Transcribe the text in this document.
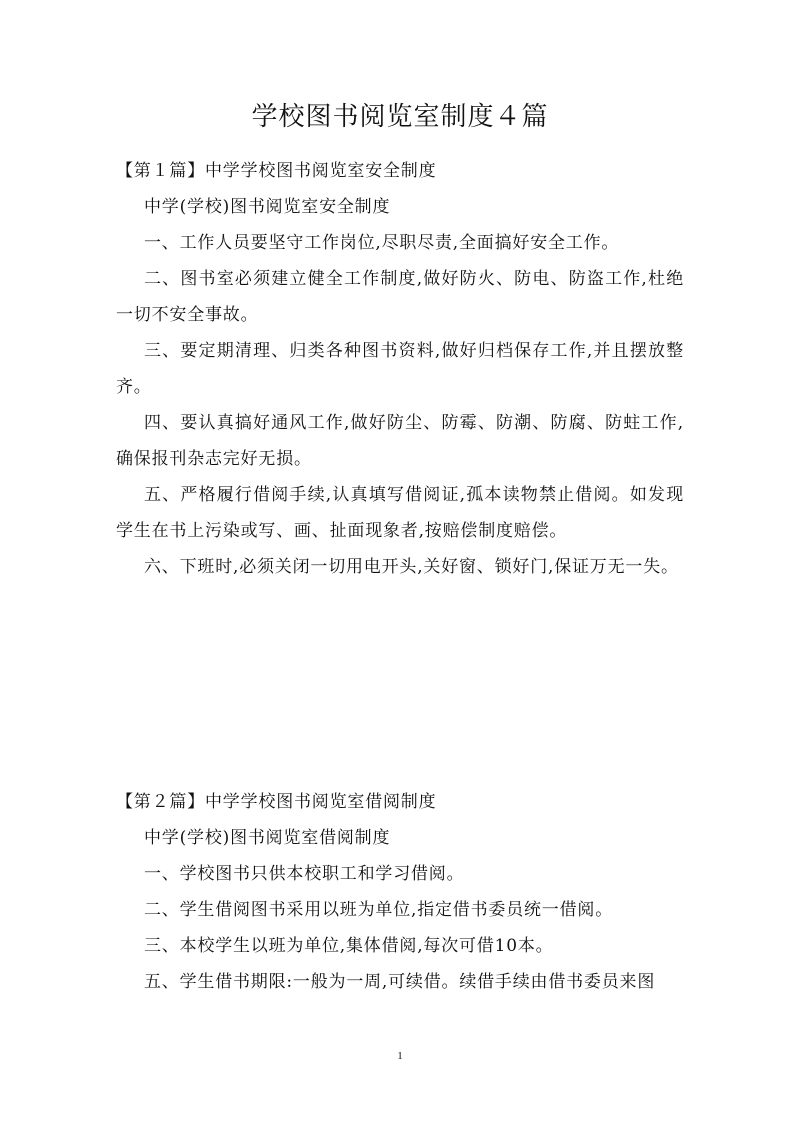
学校图书阅览室制度４篇

【第１篇】中学学校图书阅览室安全制度

中学(学校)图书阅览室安全制度

一、工作人员要坚守工作岗位,尽职尽责,全面搞好安全工作。

二、图书室必须建立健全工作制度,做好防火、防电、防盗工作,杜绝一切不安全事故。

三、要定期清理、归类各种图书资料,做好归档保存工作,并且摆放整齐。

四、要认真搞好通风工作,做好防尘、防霉、防潮、防腐、防蛀工作,确保报刊杂志完好无损。

五、严格履行借阅手续,认真填写借阅证,孤本读物禁止借阅。如发现学生在书上污染或写、画、扯面现象者,按赔偿制度赔偿。

六、下班时,必须关闭一切用电开头,关好窗、锁好门,保证万无一失。

【第２篇】中学学校图书阅览室借阅制度

中学(学校)图书阅览室借阅制度

一、学校图书只供本校职工和学习借阅。

二、学生借阅图书采用以班为单位,指定借书委员统一借阅。

三、本校学生以班为单位,集体借阅,每次可借10本。

五、学生借书期限:一般为一周,可续借。续借手续由借书委员来图

1
